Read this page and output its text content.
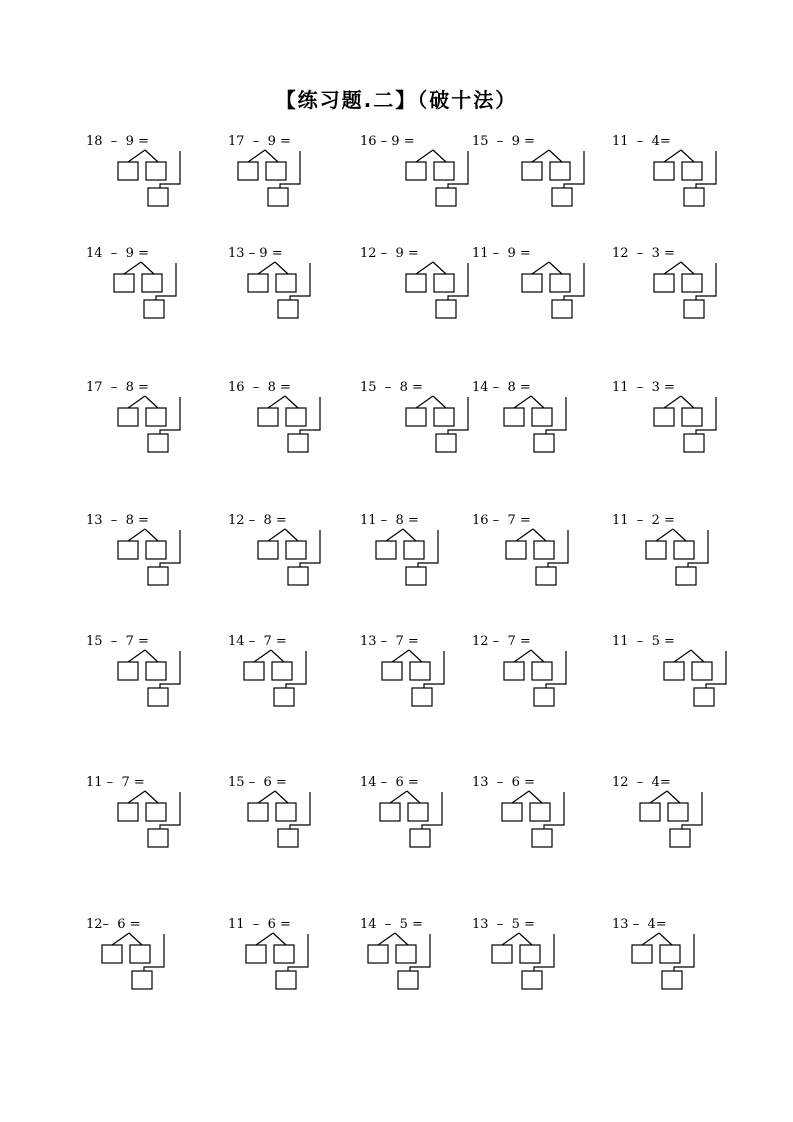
【练习题.二】（破十法）
18  –  9 =	17  –  9 =	16 – 9 =	15  –  9 =	11  –  4=
14  –  9 =	13 – 9 =	12 –  9 =	11 –  9 =	12  –  3 =
17  –  8 =	16  –  8 =	15  –  8 =	14 –  8 =	11  –  3 =
13  –  8 =	12 –  8 =	11 –  8 =	16 –  7 =	11  –  2 =
15  –  7 =	14 –  7 =	13 –  7 =	12 –  7 =	11  –  5 =
11 –  7 =	15 –  6 =	14 –  6 =	13  –  6 =	12  –  4=
12–  6 =	11  –  6 =	14  –  5 =	13  –  5 =	13 –  4=
